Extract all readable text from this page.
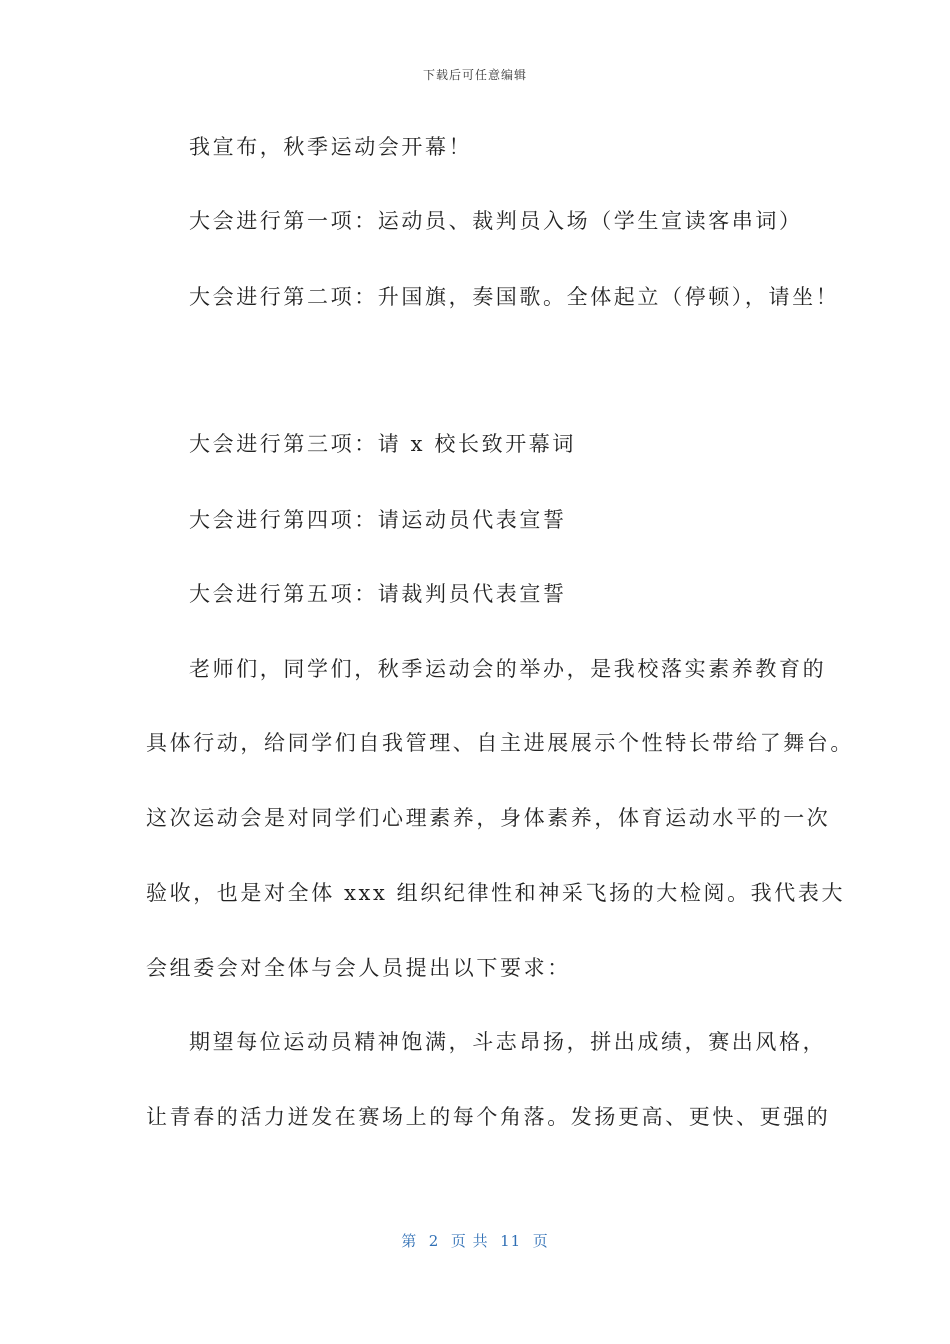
下载后可任意编辑
我宣布，秋季运动会开幕！
大会进行第一项：运动员、裁判员入场（学生宣读客串词）
大会进行第二项：升国旗，奏国歌。全体起立（停顿），请坐！
大会进行第三项：请 x 校长致开幕词
大会进行第四项：请运动员代表宣誓
大会进行第五项：请裁判员代表宣誓
老师们，同学们，秋季运动会的举办，是我校落实素养教育的
具体行动，给同学们自我管理、自主进展展示个性特长带给了舞台。
这次运动会是对同学们心理素养，身体素养，体育运动水平的一次
验收，也是对全体 xxx 组织纪律性和神采飞扬的大检阅。我代表大
会组委会对全体与会人员提出以下要求：
期望每位运动员精神饱满，斗志昂扬，拼出成绩，赛出风格，
让青春的活力迸发在赛场上的每个角落。发扬更高、更快、更强的
第  2  页 共  11  页
